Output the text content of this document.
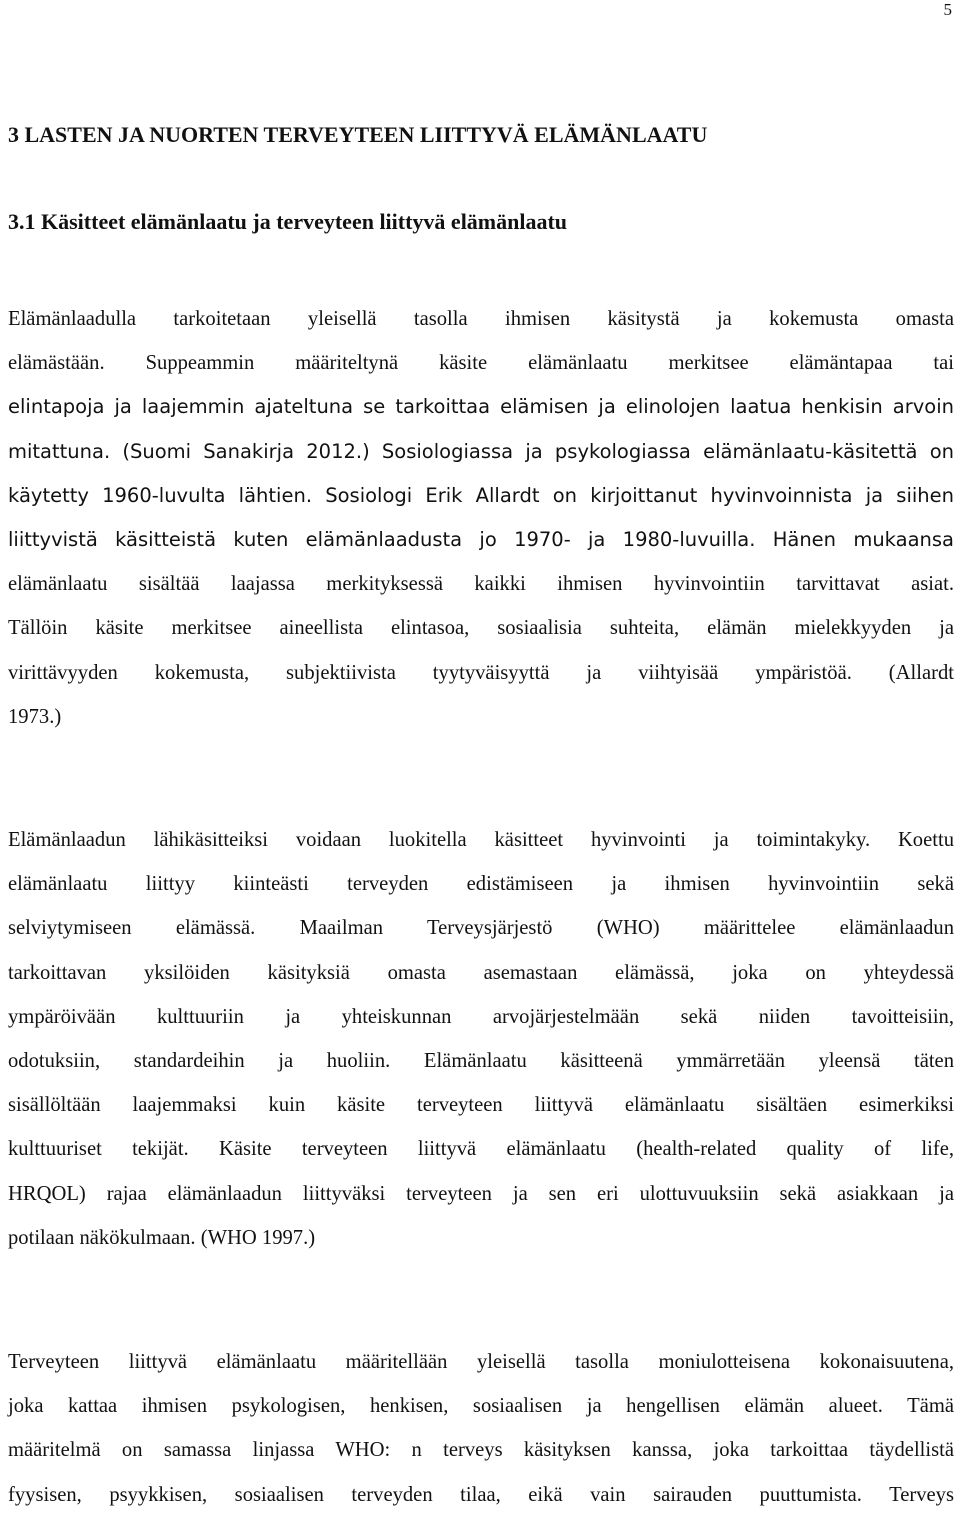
5
3 LASTEN JA NUORTEN TERVEYTEEN LIITTYVÄ ELÄMÄNLAATU
3.1 Käsitteet elämänlaatu ja terveyteen liittyvä elämänlaatu
Elämänlaadulla tarkoitetaan yleisellä tasolla ihmisen käsitystä ja kokemusta omasta
elämästään. Suppeammin määriteltynä käsite elämänlaatu merkitsee elämäntapaa tai
elintapoja ja laajemmin ajateltuna se tarkoittaa elämisen ja elinolojen laatua henkisin arvoin
mitattuna. (Suomi Sanakirja 2012.) Sosiologiassa ja psykologiassa elämänlaatu-käsitettä on
käytetty 1960-luvulta lähtien. Sosiologi Erik Allardt on kirjoittanut hyvinvoinnista ja siihen
liittyvistä käsitteistä kuten elämänlaadusta jo 1970- ja 1980-luvuilla. Hänen mukaansa
elämänlaatu sisältää laajassa merkityksessä kaikki ihmisen hyvinvointiin tarvittavat asiat.
Tällöin käsite merkitsee aineellista elintasoa, sosiaalisia suhteita, elämän mielekkyyden ja
virittävyyden kokemusta, subjektiivista tyytyväisyyttä ja viihtyisää ympäristöä. (Allardt
1973.)
Elämänlaadun lähikäsitteiksi voidaan luokitella käsitteet hyvinvointi ja toimintakyky. Koettu
elämänlaatu liittyy kiinteästi terveyden edistämiseen ja ihmisen hyvinvointiin sekä
selviytymiseen elämässä. Maailman Terveysjärjestö (WHO) määrittelee elämänlaadun
tarkoittavan yksilöiden käsityksiä omasta asemastaan elämässä, joka on yhteydessä
ympäröivään kulttuuriin ja yhteiskunnan arvojärjestelmään sekä niiden tavoitteisiin,
odotuksiin, standardeihin ja huoliin. Elämänlaatu käsitteenä ymmärretään yleensä täten
sisällöltään laajemmaksi kuin käsite terveyteen liittyvä elämänlaatu sisältäen esimerkiksi
kulttuuriset tekijät. Käsite terveyteen liittyvä elämänlaatu (health-related quality of life,
HRQOL) rajaa elämänlaadun liittyväksi terveyteen ja sen eri ulottuvuuksiin sekä asiakkaan ja
potilaan näkökulmaan. (WHO 1997.)
Terveyteen liittyvä elämänlaatu määritellään yleisellä tasolla moniulotteisena kokonaisuutena,
joka kattaa ihmisen psykologisen, henkisen, sosiaalisen ja hengellisen elämän alueet. Tämä
määritelmä on samassa linjassa WHO: n terveys käsityksen kanssa, joka tarkoittaa täydellistä
fyysisen, psyykkisen, sosiaalisen terveyden tilaa, eikä vain sairauden puuttumista. Terveys
